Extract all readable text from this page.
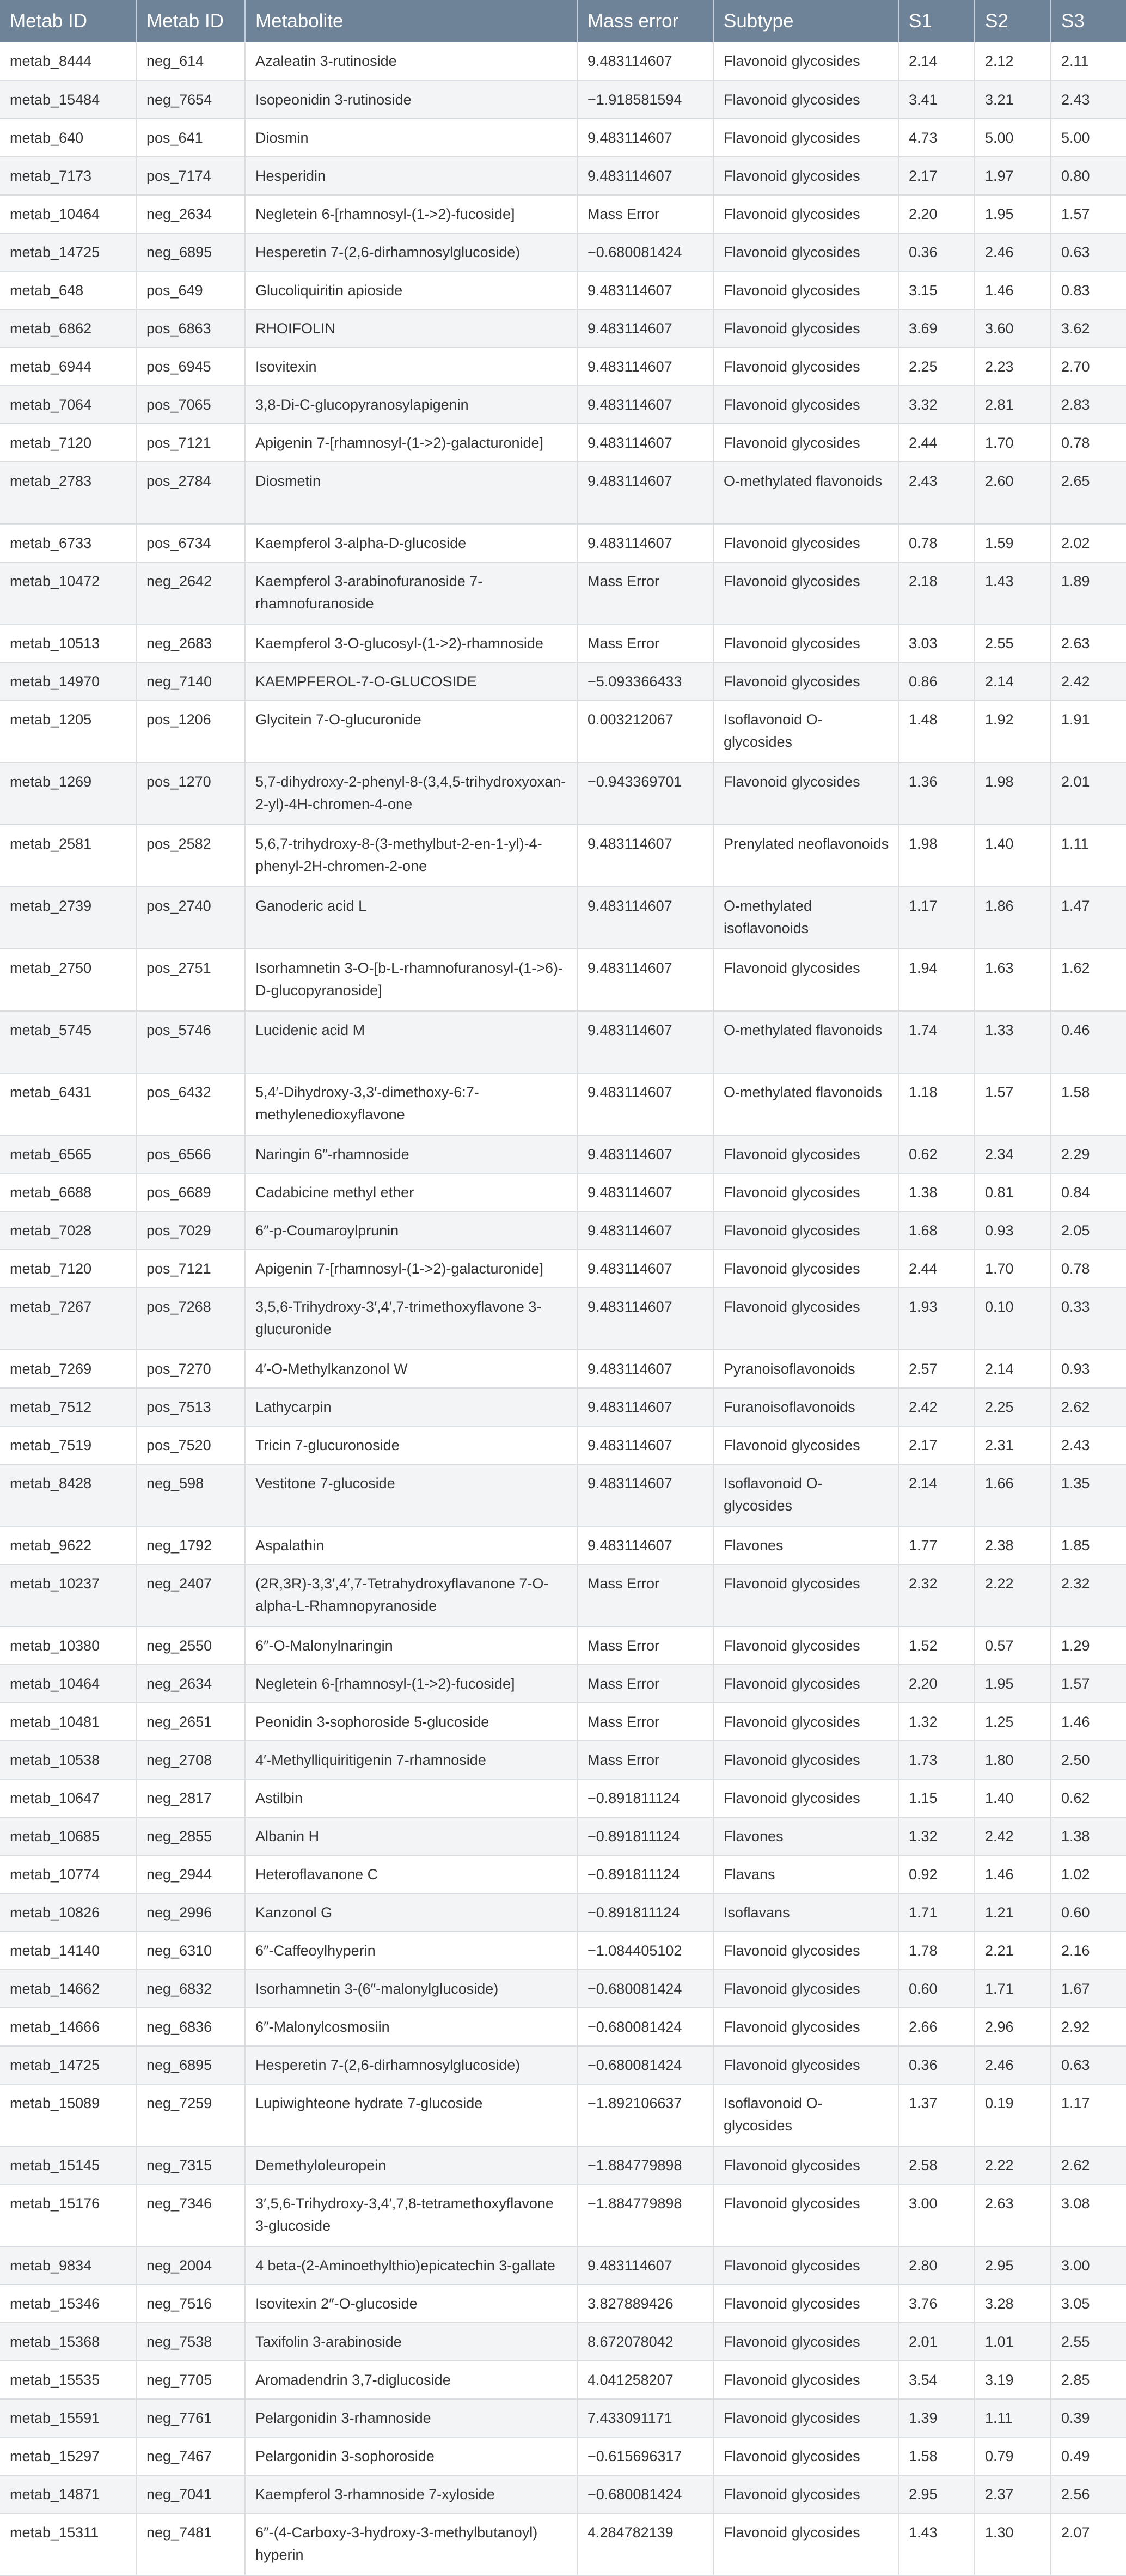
Metab ID	Metab ID	Metabolite	Mass error	Subtype	S1	S2	S3
metab_8444	neg_614	Azaleatin 3-rutinoside	9.483114607	Flavonoid glycosides	2.14	2.12	2.11
metab_15484	neg_7654	Isopeonidin 3-rutinoside	−1.918581594	Flavonoid glycosides	3.41	3.21	2.43
metab_640	pos_641	Diosmin	9.483114607	Flavonoid glycosides	4.73	5.00	5.00
metab_7173	pos_7174	Hesperidin	9.483114607	Flavonoid glycosides	2.17	1.97	0.80
metab_10464	neg_2634	Negletein 6-[rhamnosyl-(1->2)-fucoside]	Mass Error	Flavonoid glycosides	2.20	1.95	1.57
metab_14725	neg_6895	Hesperetin 7-(2,6-dirhamnosylglucoside)	−0.680081424	Flavonoid glycosides	0.36	2.46	0.63
metab_648	pos_649	Glucoliquiritin apioside	9.483114607	Flavonoid glycosides	3.15	1.46	0.83
metab_6862	pos_6863	RHOIFOLIN	9.483114607	Flavonoid glycosides	3.69	3.60	3.62
metab_6944	pos_6945	Isovitexin	9.483114607	Flavonoid glycosides	2.25	2.23	2.70
metab_7064	pos_7065	3,8-Di-C-glucopyranosylapigenin	9.483114607	Flavonoid glycosides	3.32	2.81	2.83
metab_7120	pos_7121	Apigenin 7-[rhamnosyl-(1->2)-galacturonide]	9.483114607	Flavonoid glycosides	2.44	1.70	0.78
metab_2783	pos_2784	Diosmetin	9.483114607	O-methylated flavonoids	2.43	2.60	2.65
metab_6733	pos_6734	Kaempferol 3-alpha-D-glucoside	9.483114607	Flavonoid glycosides	0.78	1.59	2.02
metab_10472	neg_2642	Kaempferol 3-arabinofuranoside 7-rhamnofuranoside	Mass Error	Flavonoid glycosides	2.18	1.43	1.89
metab_10513	neg_2683	Kaempferol 3-O-glucosyl-(1->2)-rhamnoside	Mass Error	Flavonoid glycosides	3.03	2.55	2.63
metab_14970	neg_7140	KAEMPFEROL-7-O-GLUCOSIDE	−5.093366433	Flavonoid glycosides	0.86	2.14	2.42
metab_1205	pos_1206	Glycitein 7-O-glucuronide	0.003212067	Isoflavonoid O-glycosides	1.48	1.92	1.91
metab_1269	pos_1270	5,7-dihydroxy-2-phenyl-8-(3,4,5-trihydroxyoxan-2-yl)-4H-chromen-4-one	−0.943369701	Flavonoid glycosides	1.36	1.98	2.01
metab_2581	pos_2582	5,6,7-trihydroxy-8-(3-methylbut-2-en-1-yl)-4-phenyl-2H-chromen-2-one	9.483114607	Prenylated neoflavonoids	1.98	1.40	1.11
metab_2739	pos_2740	Ganoderic acid L	9.483114607	O-methylated isoflavonoids	1.17	1.86	1.47
metab_2750	pos_2751	Isorhamnetin 3-O-[b-L-rhamnofuranosyl-(1->6)-D-glucopyranoside]	9.483114607	Flavonoid glycosides	1.94	1.63	1.62
metab_5745	pos_5746	Lucidenic acid M	9.483114607	O-methylated flavonoids	1.74	1.33	0.46
metab_6431	pos_6432	5,4′-Dihydroxy-3,3′-dimethoxy-6:7-methylenedioxyflavone	9.483114607	O-methylated flavonoids	1.18	1.57	1.58
metab_6565	pos_6566	Naringin 6″-rhamnoside	9.483114607	Flavonoid glycosides	0.62	2.34	2.29
metab_6688	pos_6689	Cadabicine methyl ether	9.483114607	Flavonoid glycosides	1.38	0.81	0.84
metab_7028	pos_7029	6″-p-Coumaroylprunin	9.483114607	Flavonoid glycosides	1.68	0.93	2.05
metab_7120	pos_7121	Apigenin 7-[rhamnosyl-(1->2)-galacturonide]	9.483114607	Flavonoid glycosides	2.44	1.70	0.78
metab_7267	pos_7268	3,5,6-Trihydroxy-3′,4′,7-trimethoxyflavone 3-glucuronide	9.483114607	Flavonoid glycosides	1.93	0.10	0.33
metab_7269	pos_7270	4′-O-Methylkanzonol W	9.483114607	Pyranoisoflavonoids	2.57	2.14	0.93
metab_7512	pos_7513	Lathycarpin	9.483114607	Furanoisoflavonoids	2.42	2.25	2.62
metab_7519	pos_7520	Tricin 7-glucuronoside	9.483114607	Flavonoid glycosides	2.17	2.31	2.43
metab_8428	neg_598	Vestitone 7-glucoside	9.483114607	Isoflavonoid O-glycosides	2.14	1.66	1.35
metab_9622	neg_1792	Aspalathin	9.483114607	Flavones	1.77	2.38	1.85
metab_10237	neg_2407	(2R,3R)-3,3′,4′,7-Tetrahydroxyflavanone 7-O-alpha-L-Rhamnopyranoside	Mass Error	Flavonoid glycosides	2.32	2.22	2.32
metab_10380	neg_2550	6″-O-Malonylnaringin	Mass Error	Flavonoid glycosides	1.52	0.57	1.29
metab_10464	neg_2634	Negletein 6-[rhamnosyl-(1->2)-fucoside]	Mass Error	Flavonoid glycosides	2.20	1.95	1.57
metab_10481	neg_2651	Peonidin 3-sophoroside 5-glucoside	Mass Error	Flavonoid glycosides	1.32	1.25	1.46
metab_10538	neg_2708	4′-Methylliquiritigenin 7-rhamnoside	Mass Error	Flavonoid glycosides	1.73	1.80	2.50
metab_10647	neg_2817	Astilbin	−0.891811124	Flavonoid glycosides	1.15	1.40	0.62
metab_10685	neg_2855	Albanin H	−0.891811124	Flavones	1.32	2.42	1.38
metab_10774	neg_2944	Heteroflavanone C	−0.891811124	Flavans	0.92	1.46	1.02
metab_10826	neg_2996	Kanzonol G	−0.891811124	Isoflavans	1.71	1.21	0.60
metab_14140	neg_6310	6″-Caffeoylhyperin	−1.084405102	Flavonoid glycosides	1.78	2.21	2.16
metab_14662	neg_6832	Isorhamnetin 3-(6″-malonylglucoside)	−0.680081424	Flavonoid glycosides	0.60	1.71	1.67
metab_14666	neg_6836	6″-Malonylcosmosiin	−0.680081424	Flavonoid glycosides	2.66	2.96	2.92
metab_14725	neg_6895	Hesperetin 7-(2,6-dirhamnosylglucoside)	−0.680081424	Flavonoid glycosides	0.36	2.46	0.63
metab_15089	neg_7259	Lupiwighteone hydrate 7-glucoside	−1.892106637	Isoflavonoid O-glycosides	1.37	0.19	1.17
metab_15145	neg_7315	Demethyloleuropein	−1.884779898	Flavonoid glycosides	2.58	2.22	2.62
metab_15176	neg_7346	3′,5,6-Trihydroxy-3,4′,7,8-tetramethoxyflavone 3-glucoside	−1.884779898	Flavonoid glycosides	3.00	2.63	3.08
metab_9834	neg_2004	4 beta-(2-Aminoethylthio)epicatechin 3-gallate	9.483114607	Flavonoid glycosides	2.80	2.95	3.00
metab_15346	neg_7516	Isovitexin 2″-O-glucoside	3.827889426	Flavonoid glycosides	3.76	3.28	3.05
metab_15368	neg_7538	Taxifolin 3-arabinoside	8.672078042	Flavonoid glycosides	2.01	1.01	2.55
metab_15535	neg_7705	Aromadendrin 3,7-diglucoside	4.041258207	Flavonoid glycosides	3.54	3.19	2.85
metab_15591	neg_7761	Pelargonidin 3-rhamnoside	7.433091171	Flavonoid glycosides	1.39	1.11	0.39
metab_15297	neg_7467	Pelargonidin 3-sophoroside	−0.615696317	Flavonoid glycosides	1.58	0.79	0.49
metab_14871	neg_7041	Kaempferol 3-rhamnoside 7-xyloside	−0.680081424	Flavonoid glycosides	2.95	2.37	2.56
metab_15311	neg_7481	6″-(4-Carboxy-3-hydroxy-3-methylbutanoyl) hyperin	4.284782139	Flavonoid glycosides	1.43	1.30	2.07
